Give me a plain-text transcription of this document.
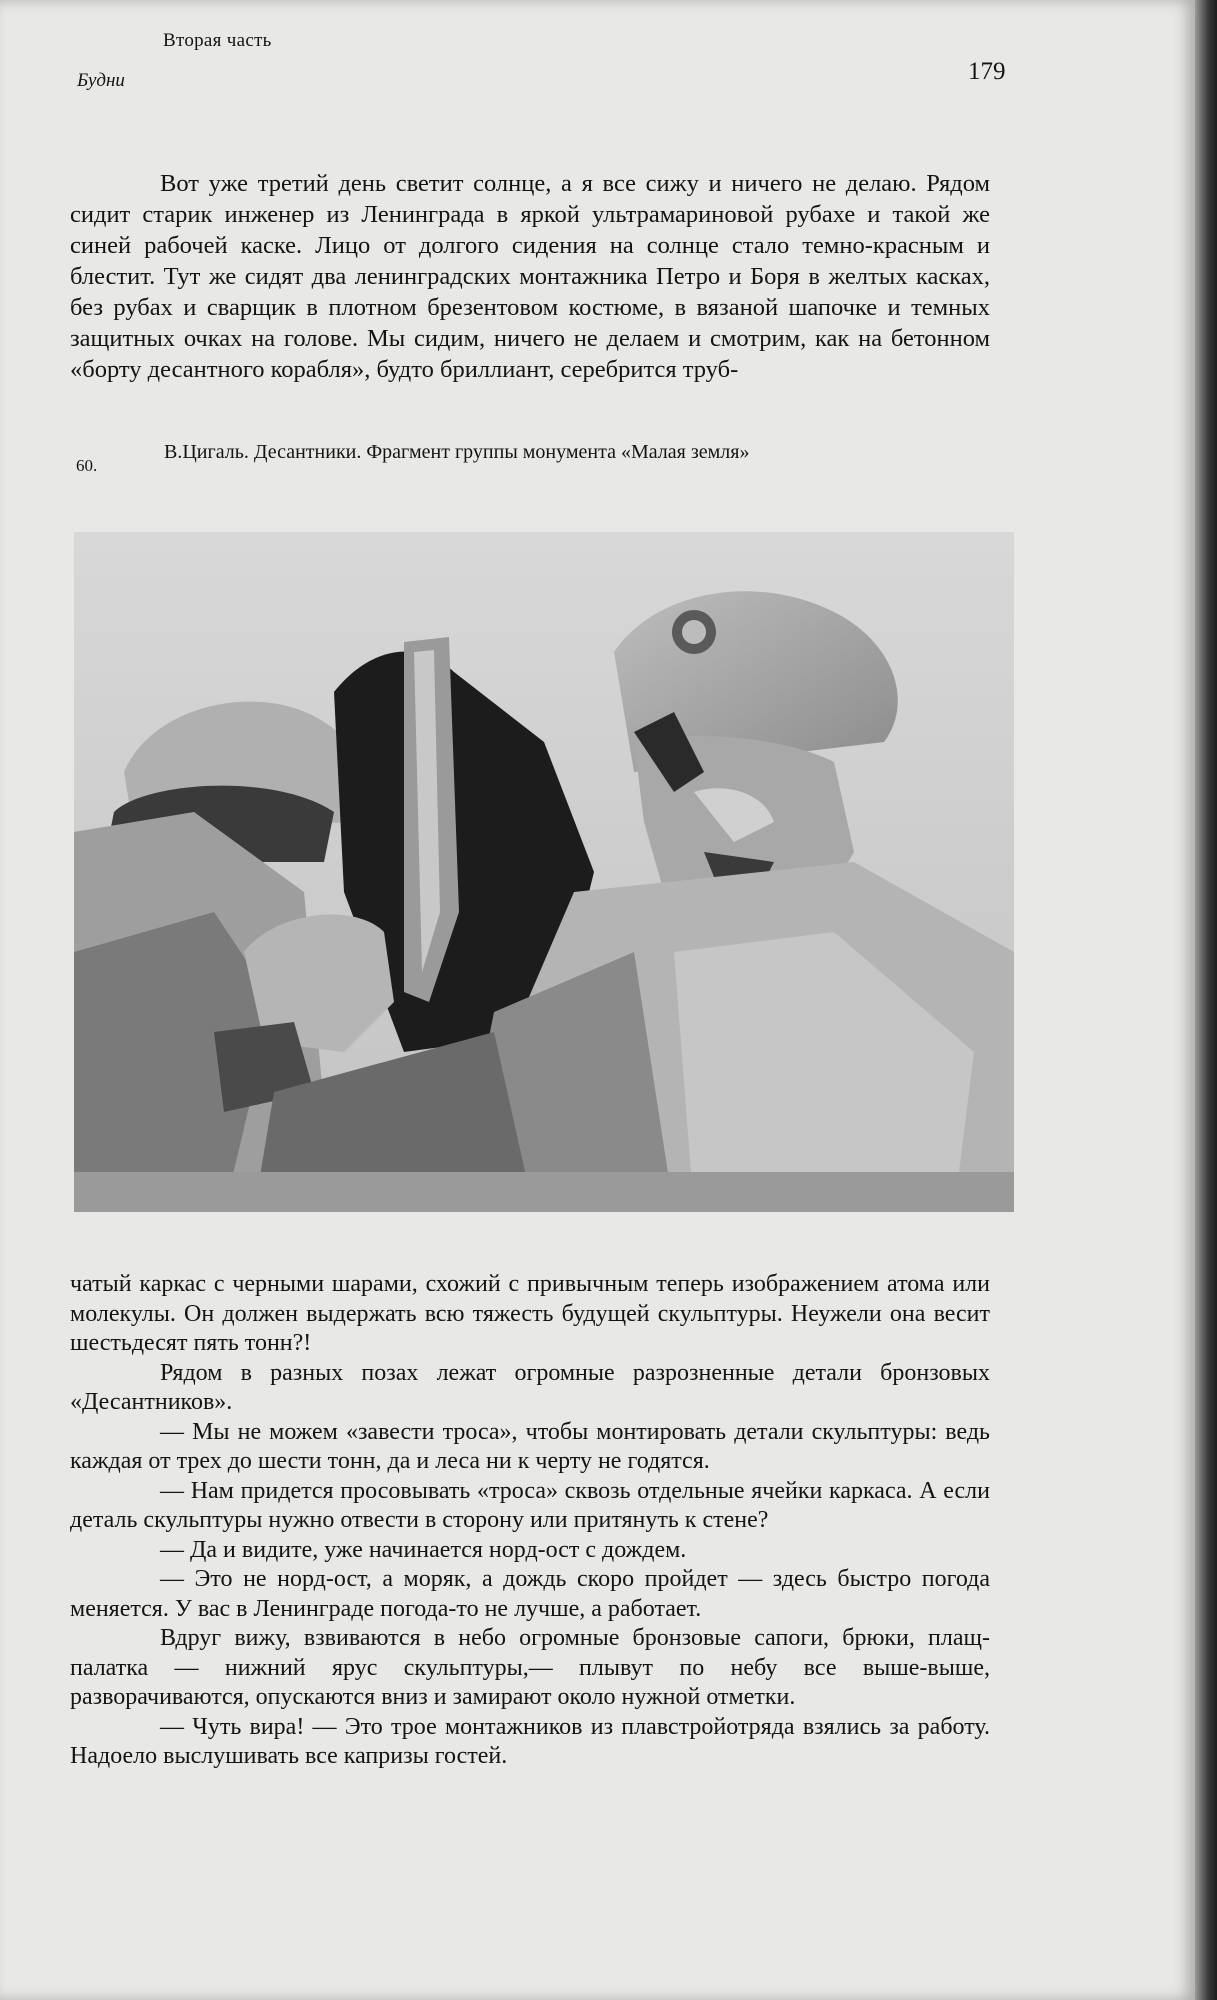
Вторая часть
Будни	179

Вот уже третий день светит солнце, а я все сижу и ничего не делаю. Рядом сидит старик инженер из Ленинграда в яркой ультрамариновой рубахе и такой же синей рабочей каске. Лицо от долгого сидения на солнце стало темно-красным и блестит. Тут же сидят два ленинградских монтажника Петро и Боря в желтых касках, без рубах и сварщик в плотном брезентовом костюме, в вязаной шапочке и темных защитных очках на голове. Мы сидим, ничего не делаем и смотрим, как на бетонном «борту десантного корабля», будто бриллиант, серебрится труб-

60.
В.Цигаль. Десантники. Фрагмент группы монумента «Малая земля»

чатый каркас с черными шарами, схожий с привычным теперь изображением атома или молекулы. Он должен выдержать всю тяжесть будущей скульптуры. Неужели она весит шестьдесят пять тонн?!

Рядом в разных позах лежат огромные разрозненные детали бронзовых «Десантников».

— Мы не можем «завести троса», чтобы монтировать детали скульптуры: ведь каждая от трех до шести тонн, да и леса ни к черту не годятся.

— Нам придется просовывать «троса» сквозь отдельные ячейки каркаса. А если деталь скульптуры нужно отвести в сторону или притянуть к стене?

— Да и видите, уже начинается норд-ост с дождем.

— Это не норд-ост, а моряк, а дождь скоро пройдет — здесь быстро погода меняется. У вас в Ленинграде погода-то не лучше, а работает.

Вдруг вижу, взвиваются в небо огромные бронзовые сапоги, брюки, плащ-палатка — нижний ярус скульптуры,— плывут по небу все выше-выше, разворачиваются, опускаются вниз и замирают около нужной отметки.

— Чуть вира! — Это трое монтажников из плавстройотряда взялись за работу. Надоело выслушивать все капризы гостей.
